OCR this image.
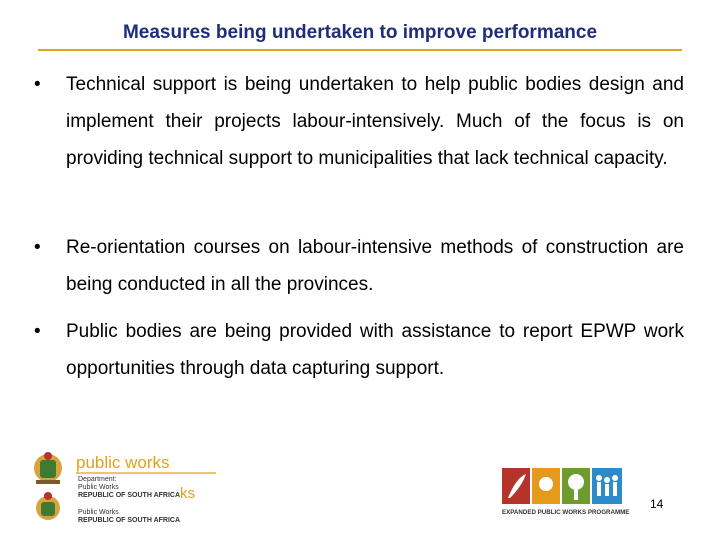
Measures being undertaken to improve performance
•	Technical support is being undertaken to help public bodies design and implement their projects labour-intensively. Much of the focus is on providing technical support to municipalities that lack technical capacity.
•	Re-orientation courses on labour-intensive methods of construction are being conducted in all the provinces.
•	Public bodies are being provided with assistance to report EPWP work opportunities through data capturing support.
public works
Department:
Public Works
REPUBLIC OF SOUTH AFRICA ks
Public Works
REPUBLIC OF SOUTH AFRICA
EXPANDED PUBLIC WORKS PROGRAMME
14
